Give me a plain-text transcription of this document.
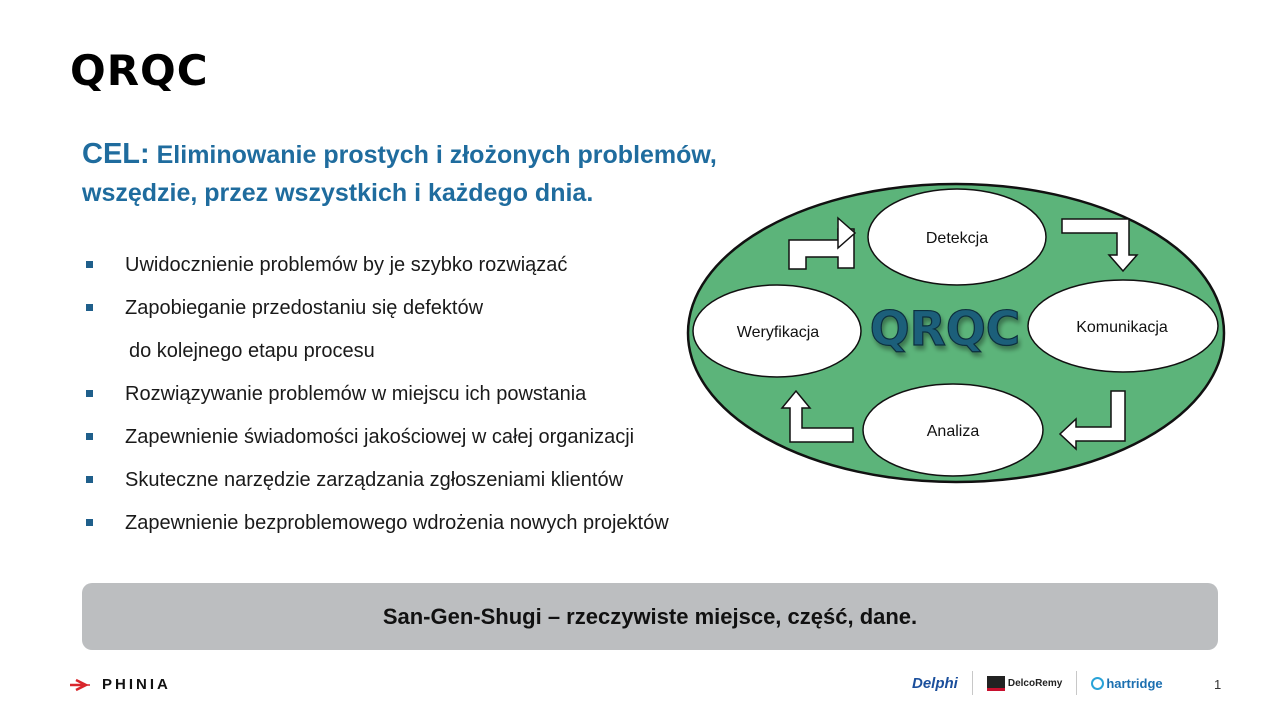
QRQC
CEL: Eliminowanie prostych i złożonych problemów,
wszędzie, przez wszystkich i każdego dnia.
Uwidocznienie problemów by je szybko rozwiązać
Zapobieganie przedostaniu się defektów
do kolejnego etapu procesu
Rozwiązywanie problemów w miejscu ich powstania
Zapewnienie świadomości jakościowej w całej organizacji
Skuteczne narzędzie zarządzania zgłoszeniami klientów
Zapewnienie bezproblemowego wdrożenia nowych projektów
Detekcja
Komunikacja
Analiza
Weryfikacja QRQC
San-Gen-Shugi – rzeczywiste miejsce, część, dane.
PHINIA	Delphi	DelcoRemy	hartridge	1
